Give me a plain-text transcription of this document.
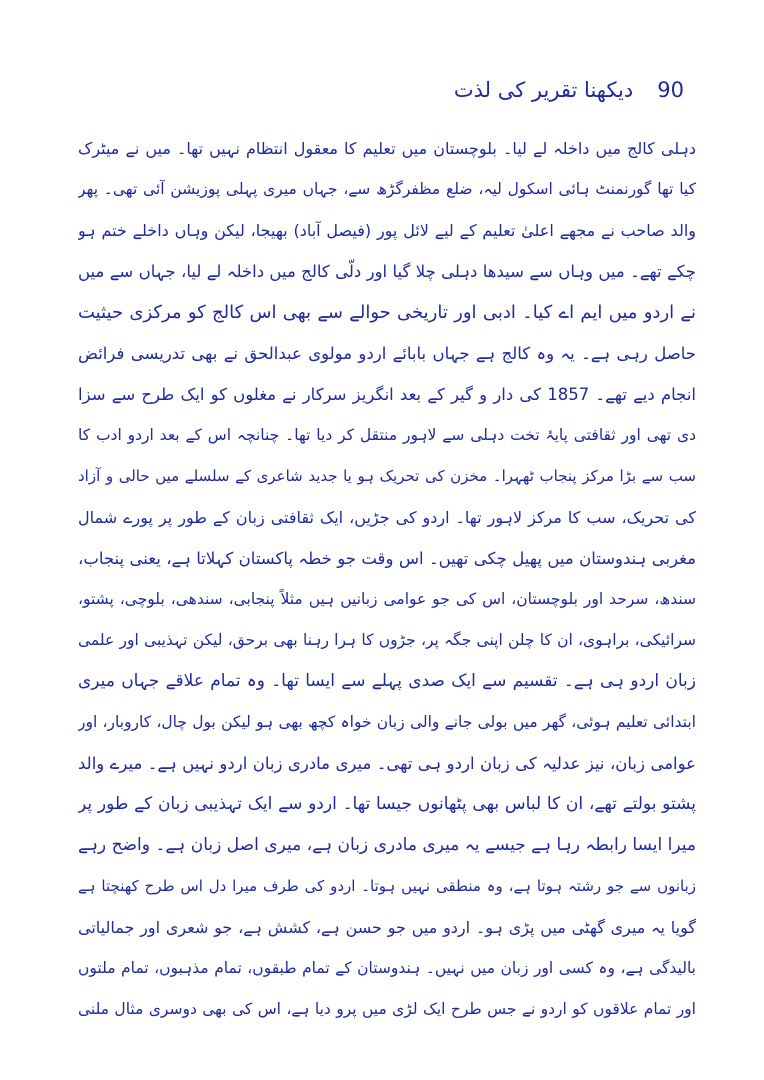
90
دیکھنا تقریر کی لذت
دہلی کالج میں داخلہ لے لیا۔ بلوچستان میں تعلیم کا معقول انتظام نہیں تھا۔ میں نے میٹرک
کیا تھا گورنمنٹ ہائی اسکول لیہ، ضلع مظفرگڑھ سے، جہاں میری پہلی پوزیشن آئی تھی۔ پھر
والد صاحب نے مجھے اعلیٰ تعلیم کے لیے لائل پور (فیصل آباد) بھیجا، لیکن وہاں داخلے ختم ہو
چکے تھے۔ میں وہاں سے سیدھا دہلی چلا گیا اور دلّی کالج میں داخلہ لے لیا، جہاں سے میں
نے اردو میں ایم اے کیا۔ ادبی اور تاریخی حوالے سے بھی اس کالج کو مرکزی حیثیت
حاصل رہی ہے۔ یہ وہ کالج ہے جہاں بابائے اردو مولوی عبدالحق نے بھی تدریسی فرائض
انجام دیے تھے۔ 1857 کی دار و گیر کے بعد انگریز سرکار نے مغلوں کو ایک طرح سے سزا
دی تھی اور ثقافتی پایۂ تخت دہلی سے لاہور منتقل کر دیا تھا۔ چنانچہ اس کے بعد اردو ادب کا
سب سے بڑا مرکز پنجاب ٹھہرا۔ مخزن کی تحریک ہو یا جدید شاعری کے سلسلے میں حالی و آزاد
کی تحریک، سب کا مرکز لاہور تھا۔ اردو کی جڑیں، ایک ثقافتی زبان کے طور پر پورے شمال
مغربی ہندوستان میں پھیل چکی تھیں۔ اس وقت جو خطہ پاکستان کہلاتا ہے، یعنی پنجاب،
سندھ، سرحد اور بلوچستان، اس کی جو عوامی زبانیں ہیں مثلاً پنجابی، سندھی، بلوچی، پشتو،
سرائیکی، براہوی، ان کا چلن اپنی جگہ پر، جڑوں کا ہرا رہنا بھی برحق، لیکن تہذیبی اور علمی
زبان اردو ہی ہے۔ تقسیم سے ایک صدی پہلے سے ایسا تھا۔ وہ تمام علاقے جہاں میری
ابتدائی تعلیم ہوئی، گھر میں بولی جانے والی زبان خواہ کچھ بھی ہو لیکن بول چال، کاروبار، اور
عوامی زبان، نیز عدلیہ کی زبان اردو ہی تھی۔ میری مادری زبان اردو نہیں ہے۔ میرے والد
پشتو بولتے تھے، ان کا لباس بھی پٹھانوں جیسا تھا۔ اردو سے ایک تہذیبی زبان کے طور پر
میرا ایسا رابطہ رہا ہے جیسے یہ میری مادری زبان ہے، میری اصل زبان ہے۔ واضح رہے
زبانوں سے جو رشتہ ہوتا ہے، وہ منطقی نہیں ہوتا۔ اردو کی طرف میرا دل اس طرح کھنچتا ہے
گویا یہ میری گھٹی میں پڑی ہو۔ اردو میں جو حسن ہے، کشش ہے، جو شعری اور جمالیاتی
بالیدگی ہے، وہ کسی اور زبان میں نہیں۔ ہندوستان کے تمام طبقوں، تمام مذہبوں، تمام ملتوں
اور تمام علاقوں کو اردو نے جس طرح ایک لڑی میں پرو دیا ہے، اس کی بھی دوسری مثال ملنی
